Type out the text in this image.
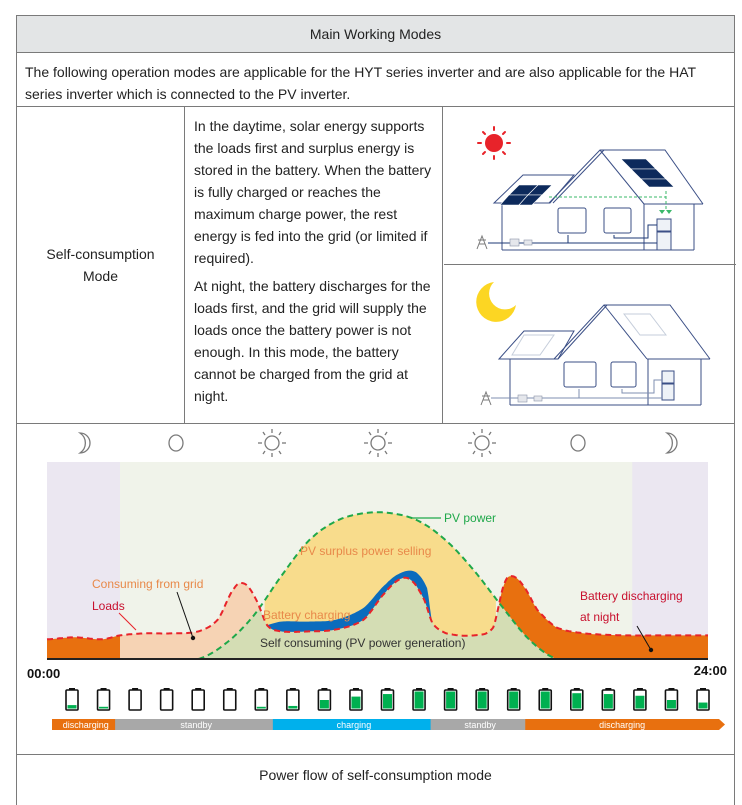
Main Working Modes
The following operation modes are applicable for the HYT series inverter and are also applicable for the HAT series inverter which is connected to the PV inverter.
Self-consumption
Mode

In the daytime, solar energy supports the loads first and surplus energy is stored in the battery. When the battery is fully charged or reaches the maximum charge power, the rest energy is fed into the grid (or limited if required).

At night, the battery discharges for the loads first, and the grid will supply the loads once the battery power is not enough. In this mode, the battery cannot be charged from the grid at night.

PV power
PV surplus power selling
Consuming from grid
Loads
Battery charging
Self consuming (PV power generation)
Battery discharging
at night
00:00	24:00
discharging	standby	charging	standby	discharging
Power flow of self-consumption mode
